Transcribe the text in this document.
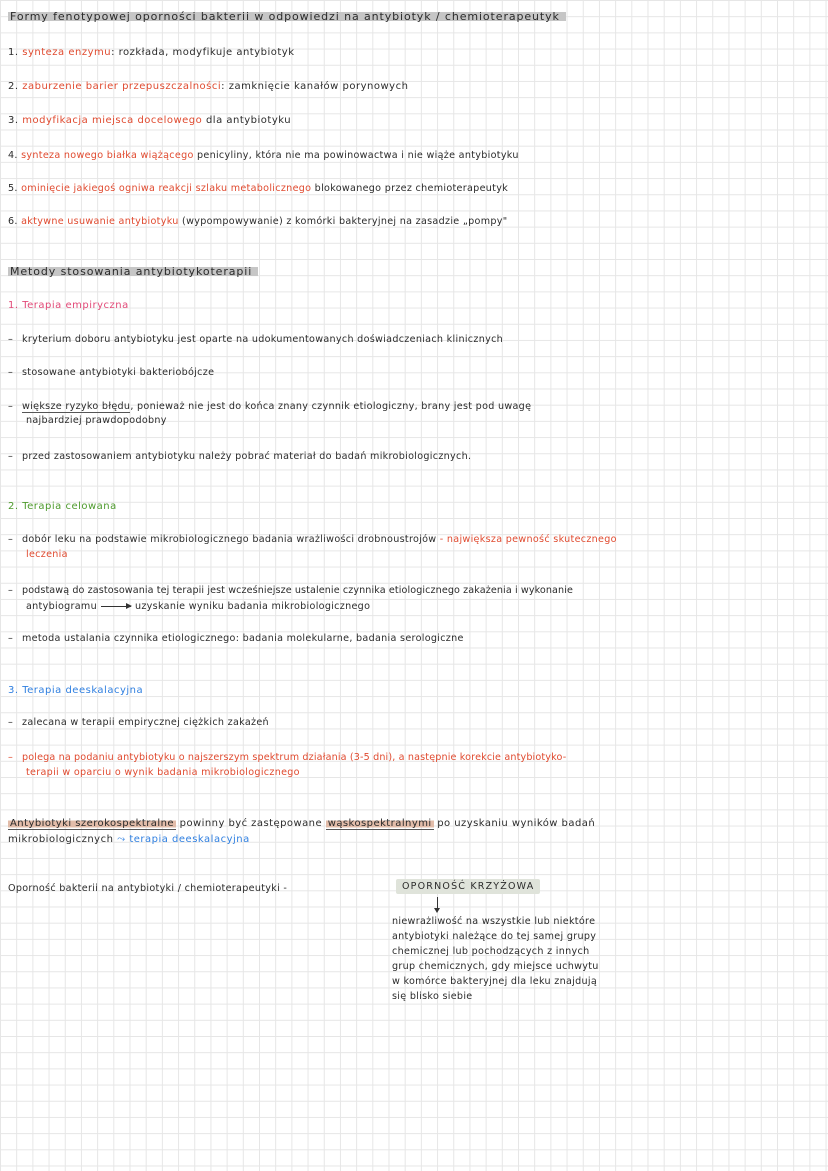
Formy fenotypowej oporności bakterii w odpowiedzi na antybiotyk / chemioterapeutyk
1. synteza enzymu: rozkłada, modyfikuje antybiotyk
2. zaburzenie barier przepuszczalności: zamknięcie kanałów porynowych
3. modyfikacja miejsca docelowego dla antybiotyku
4. synteza nowego białka wiążącego penicyliny, która nie ma powinowactwa i nie wiąże antybiotyku
5. ominięcie jakiegoś ogniwa reakcji szlaku metabolicznego blokowanego przez chemioterapeutyk
6. aktywne usuwanie antybiotyku (wypompowywanie) z komórki bakteryjnej na zasadzie „pompy"
Metody stosowania antybiotykoterapii
1. Terapia empiryczna
– kryterium doboru antybiotyku jest oparte na udokumentowanych doświadczeniach klinicznych
– stosowane antybiotyki bakteriobójcze
– większe ryzyko błędu, ponieważ nie jest do końca znany czynnik etiologiczny, brany jest pod uwagę
najbardziej prawdopodobny
– przed zastosowaniem antybiotyku należy pobrać materiał do badań mikrobiologicznych.
2. Terapia celowana
– dobór leku na podstawie mikrobiologicznego badania wrażliwości drobnoustrojów - największa pewność skutecznego
leczenia
– podstawą do zastosowania tej terapii jest wcześniejsze ustalenie czynnika etiologicznego zakażenia i wykonanie
antybiogramu	uzyskanie wyniku badania mikrobiologicznego
– metoda ustalania czynnika etiologicznego: badania molekularne, badania serologiczne
3. Terapia deeskalacyjna
– zalecana w terapii empirycznej ciężkich zakażeń
– polega na podaniu antybiotyku o najszerszym spektrum działania (3-5 dni), a następnie korekcie antybiotyko-
terapii w oparciu o wynik badania mikrobiologicznego
Antybiotyki szerokospektralne powinny być zastępowane wąskospektralnymi po uzyskaniu wyników badań
mikrobiologicznych ⤳ terapia deeskalacyjna
Oporność bakterii na antybiotyki / chemioterapeutyki -	OPORNOŚĆ KRZYŻOWA
niewrażliwość na wszystkie lub niektóre
antybiotyki należące do tej samej grupy
chemicznej lub pochodzących z innych
grup chemicznych, gdy miejsce uchwytu
w komórce bakteryjnej dla leku znajdują
się blisko siebie
